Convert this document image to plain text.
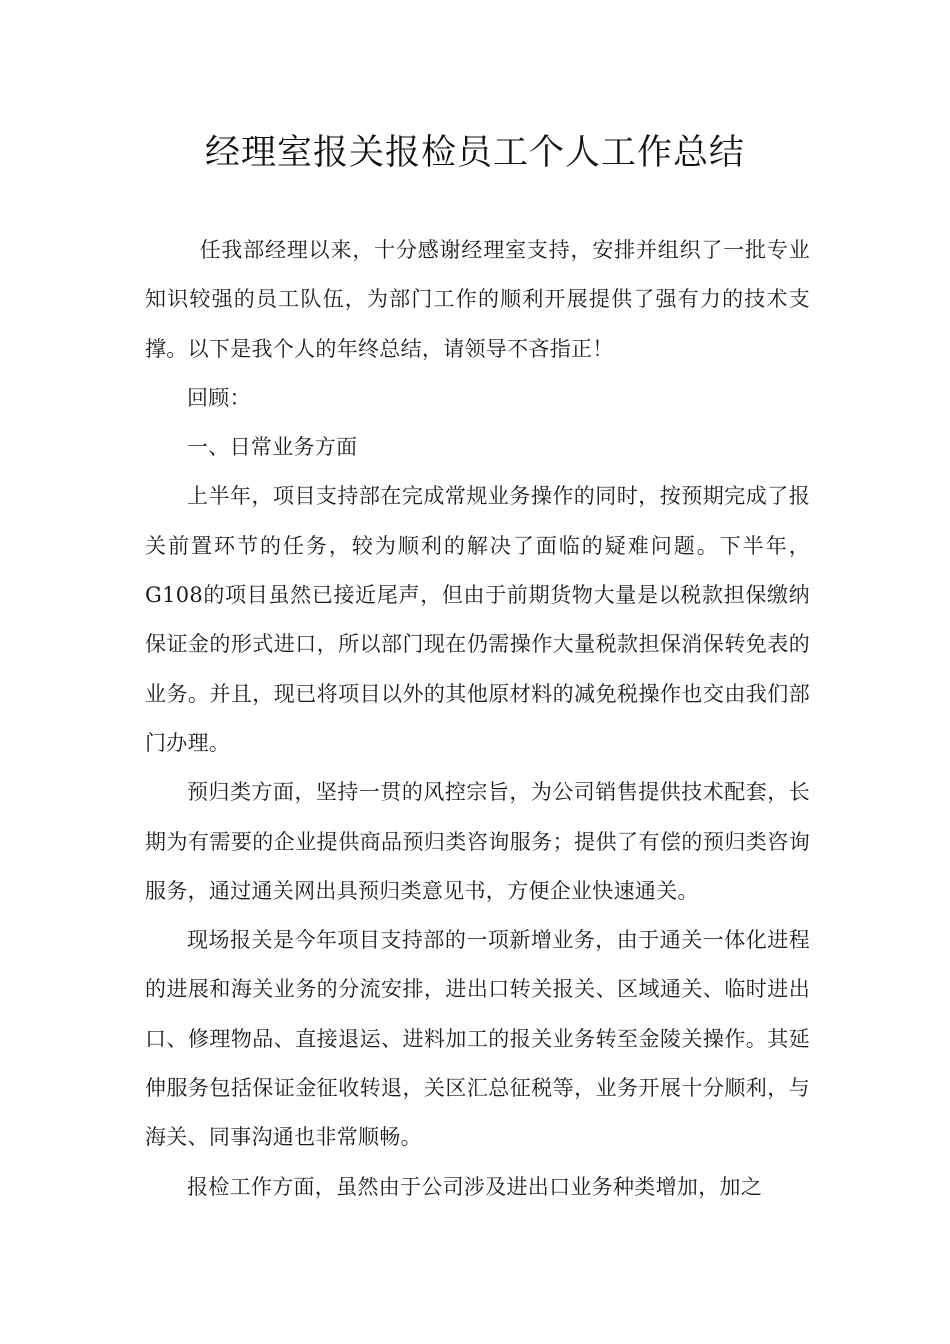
经理室报关报检员工个人工作总结

任我部经理以来，十分感谢经理室支持，安排并组织了一批专业知识较强的员工队伍，为部门工作的顺利开展提供了强有力的技术支撑。以下是我个人的年终总结，请领导不吝指正！

回顾：

一、日常业务方面

上半年，项目支持部在完成常规业务操作的同时，按预期完成了报关前置环节的任务，较为顺利的解决了面临的疑难问题。下半年，G108的项目虽然已接近尾声，但由于前期货物大量是以税款担保缴纳保证金的形式进口，所以部门现在仍需操作大量税款担保消保转免表的业务。并且，现已将项目以外的其他原材料的减免税操作也交由我们部门办理。

预归类方面，坚持一贯的风控宗旨，为公司销售提供技术配套，长期为有需要的企业提供商品预归类咨询服务；提供了有偿的预归类咨询服务，通过通关网出具预归类意见书，方便企业快速通关。

现场报关是今年项目支持部的一项新增业务，由于通关一体化进程的进展和海关业务的分流安排，进出口转关报关、区域通关、临时进出口、修理物品、直接退运、进料加工的报关业务转至金陵关操作。其延伸服务包括保证金征收转退，关区汇总征税等，业务开展十分顺利，与海关、同事沟通也非常顺畅。

报检工作方面，虽然由于公司涉及进出口业务种类增加，加之
